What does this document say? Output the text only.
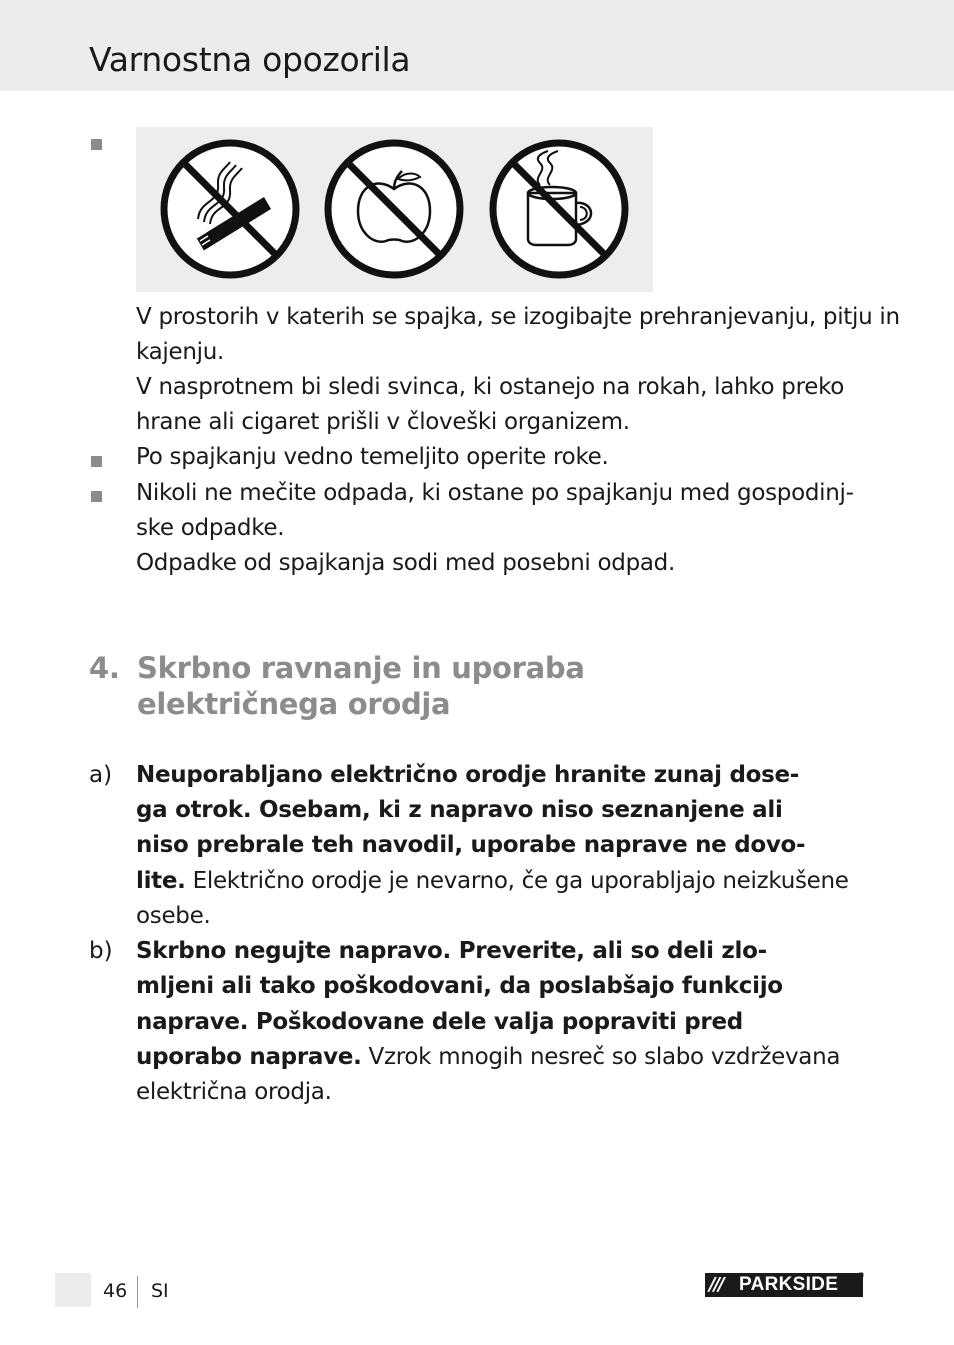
Varnostna opozorila
V prostorih v katerih se spajka, se izogibajte prehranjevanju, pitju in
kajenju.
V nasprotnem bi sledi svinca, ki ostanejo na rokah, lahko preko
hrane ali cigaret prišli v človeški organizem.
Po spajkanju vedno temeljito operite roke.
Nikoli ne mečite odpada, ki ostane po spajkanju med gospodinj-
ske odpadke.
Odpadke od spajkanja sodi med posebni odpad.
4. Skrbno ravnanje in uporaba
električnega orodja
a) Neuporabljano električno orodje hranite zunaj dose-
ga otrok. Osebam, ki z napravo niso seznanjene ali
niso prebrale teh navodil, uporabe naprave ne dovo-
lite. Električno orodje je nevarno, če ga uporabljajo neizkušene
osebe.
b) Skrbno negujte napravo. Preverite, ali so deli zlo-
mljeni ali tako poškodovani, da poslabšajo funkcijo
naprave. Poškodovane dele valja popraviti pred
uporabo naprave. Vzrok mnogih nesreč so slabo vzdrževana
električna orodja.
46 SI	/// PARKSIDE ®
